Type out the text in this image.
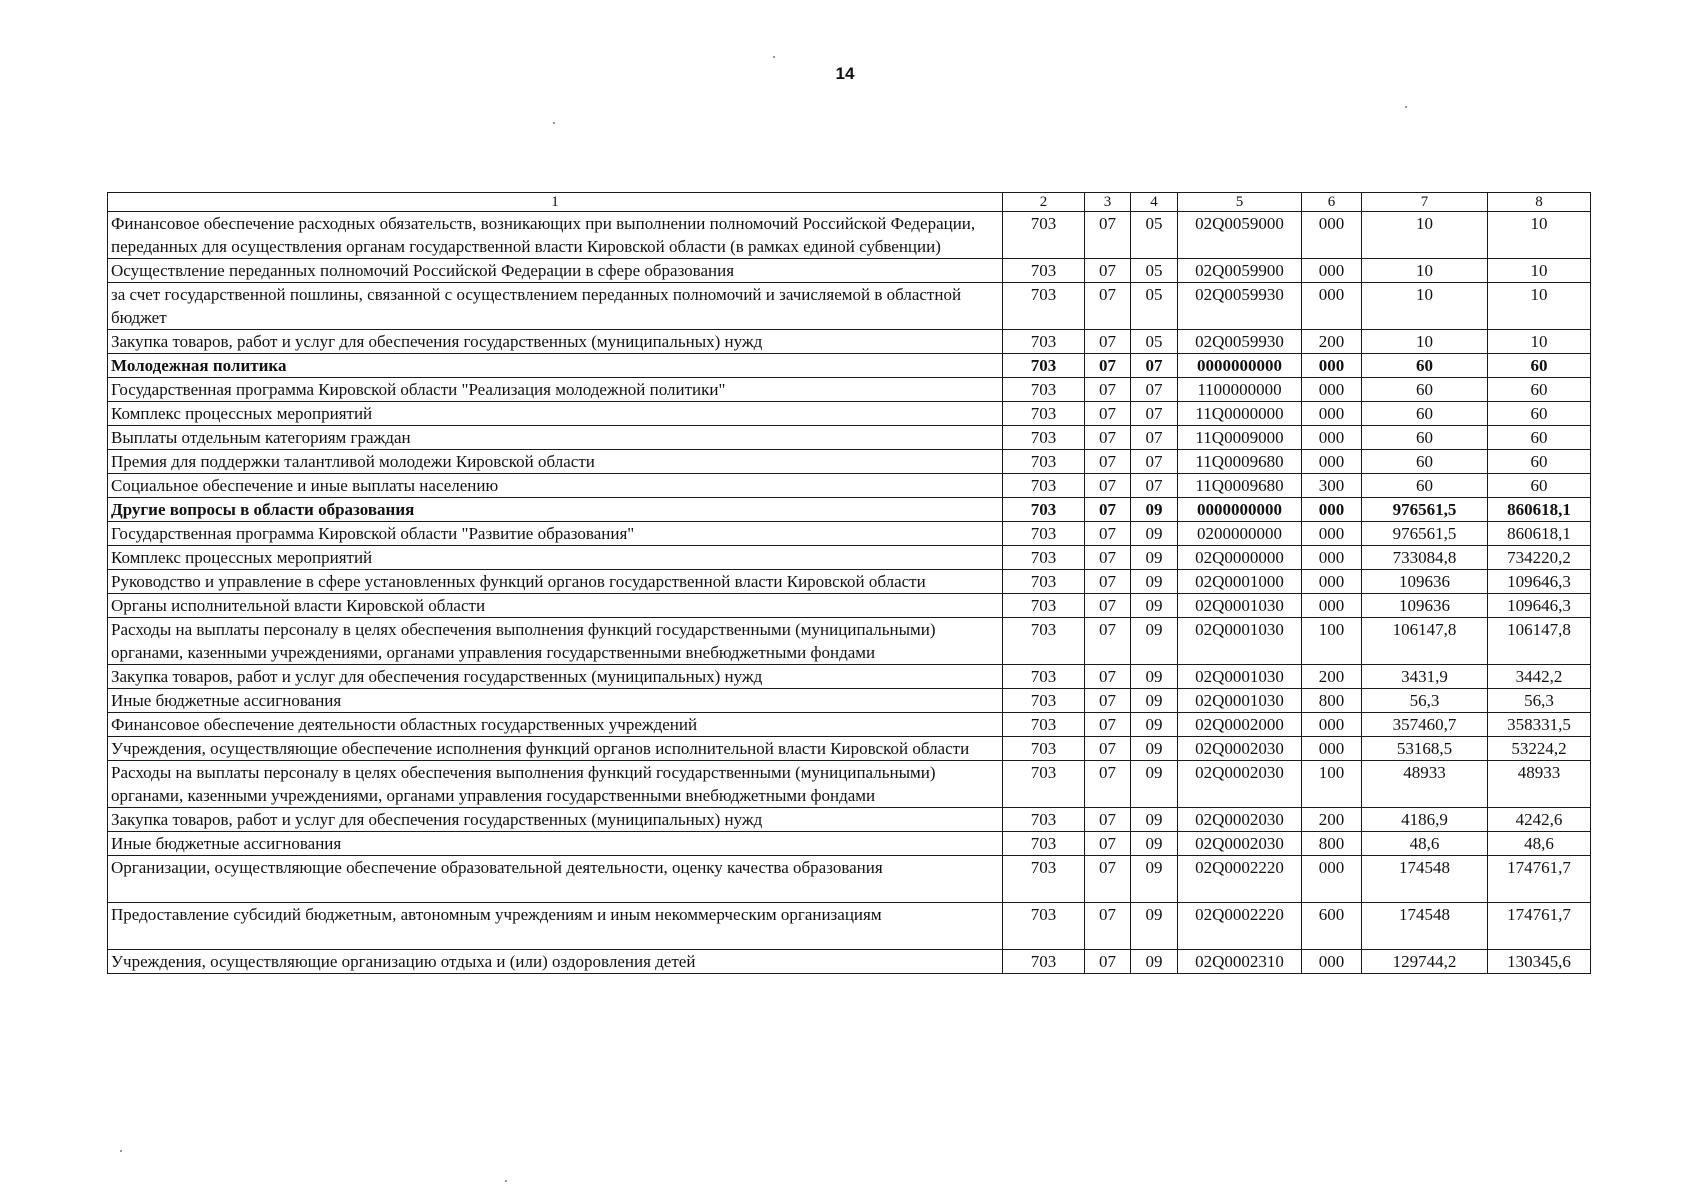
14
1	2	3	4	5	6	7	8
Финансовое обеспечение расходных обязательств, возникающих при выполнении полномочий Российской Федерации, переданных для осуществления органам государственной власти Кировской области (в рамках единой субвенции)	703	07	05	02Q0059000	000	10	10
Осуществление переданных полномочий Российской Федерации в сфере образования	703	07	05	02Q0059900	000	10	10
за счет государственной пошлины, связанной с осуществлением переданных полномочий и зачисляемой в областной бюджет	703	07	05	02Q0059930	000	10	10
Закупка товаров, работ и услуг для обеспечения государственных (муниципальных) нужд	703	07	05	02Q0059930	200	10	10
Молодежная политика	703	07	07	0000000000	000	60	60
Государственная программа Кировской области "Реализация молодежной политики"	703	07	07	1100000000	000	60	60
Комплекс процессных мероприятий	703	07	07	11Q0000000	000	60	60
Выплаты отдельным категориям граждан	703	07	07	11Q0009000	000	60	60
Премия для поддержки талантливой молодежи Кировской области	703	07	07	11Q0009680	000	60	60
Социальное обеспечение и иные выплаты населению	703	07	07	11Q0009680	300	60	60
Другие вопросы в области образования	703	07	09	0000000000	000	976561,5	860618,1
Государственная программа Кировской области "Развитие образования"	703	07	09	0200000000	000	976561,5	860618,1
Комплекс процессных мероприятий	703	07	09	02Q0000000	000	733084,8	734220,2
Руководство и управление в сфере установленных функций органов государственной власти Кировской области	703	07	09	02Q0001000	000	109636	109646,3
Органы исполнительной власти Кировской области	703	07	09	02Q0001030	000	109636	109646,3
Расходы на выплаты персоналу в целях обеспечения выполнения функций государственными (муниципальными) органами, казенными учреждениями, органами управления государственными внебюджетными фондами	703	07	09	02Q0001030	100	106147,8	106147,8
Закупка товаров, работ и услуг для обеспечения государственных (муниципальных) нужд	703	07	09	02Q0001030	200	3431,9	3442,2
Иные бюджетные ассигнования	703	07	09	02Q0001030	800	56,3	56,3
Финансовое обеспечение деятельности областных государственных учреждений	703	07	09	02Q0002000	000	357460,7	358331,5
Учреждения, осуществляющие обеспечение исполнения функций органов исполнительной власти Кировской области	703	07	09	02Q0002030	000	53168,5	53224,2
Расходы на выплаты персоналу в целях обеспечения выполнения функций государственными (муниципальными) органами, казенными учреждениями, органами управления государственными внебюджетными фондами	703	07	09	02Q0002030	100	48933	48933
Закупка товаров, работ и услуг для обеспечения государственных (муниципальных) нужд	703	07	09	02Q0002030	200	4186,9	4242,6
Иные бюджетные ассигнования	703	07	09	02Q0002030	800	48,6	48,6
Организации, осуществляющие обеспечение образовательной деятельности, оценку качества образования	703	07	09	02Q0002220	000	174548	174761,7
Предоставление субсидий бюджетным, автономным учреждениям и иным некоммерческим организациям	703	07	09	02Q0002220	600	174548	174761,7
Учреждения, осуществляющие организацию отдыха и (или) оздоровления детей	703	07	09	02Q0002310	000	129744,2	130345,6
